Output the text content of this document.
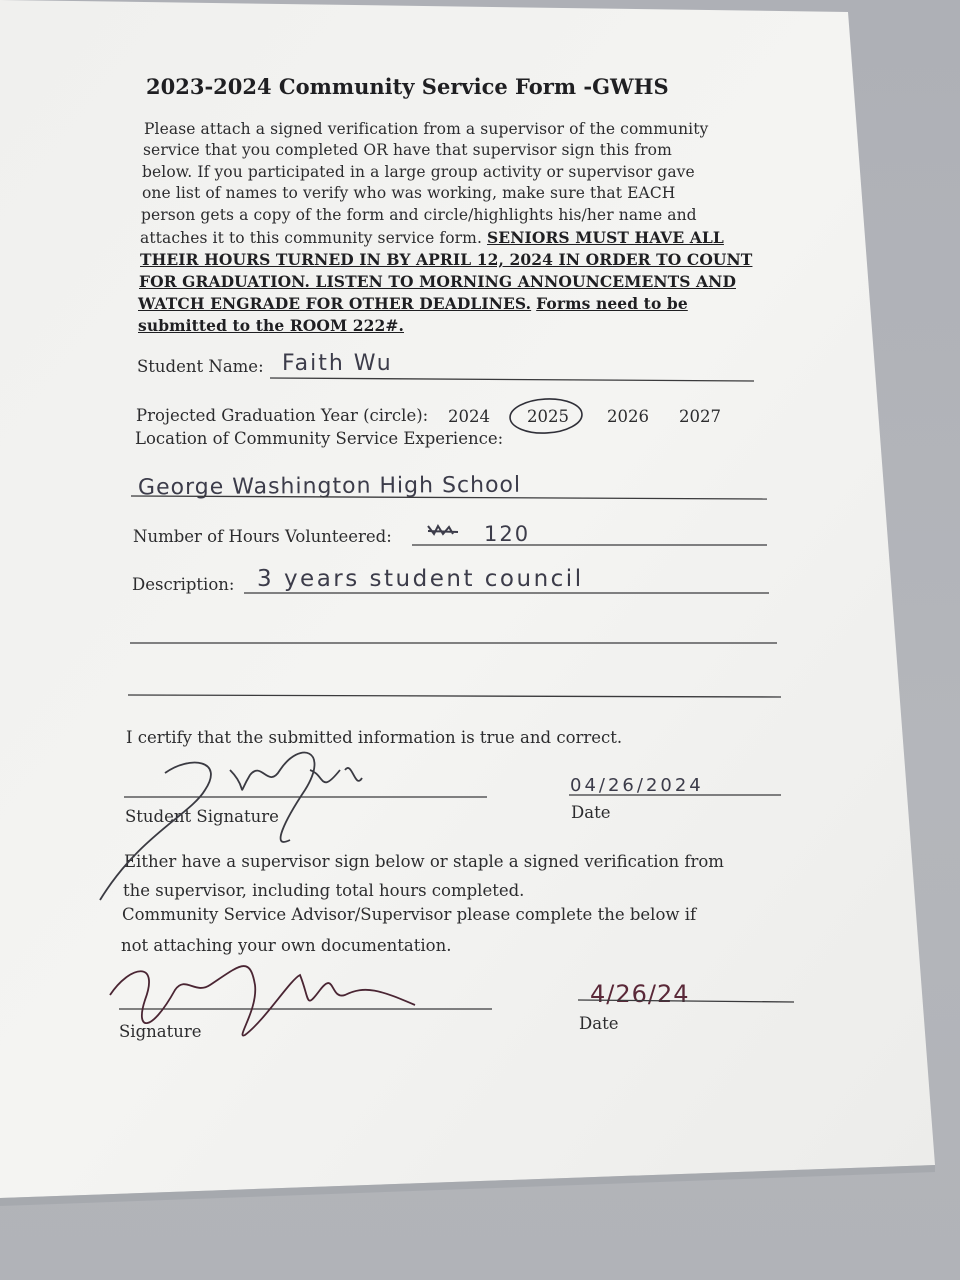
2023-2024 Community Service Form -GWHS
Please attach a signed verification from a supervisor of the community
service that you completed OR have that supervisor sign this from
below. If you participated in a large group activity or supervisor gave
one list of names to verify who was working, make sure that EACH
person gets a copy of the form and circle/highlights his/her name and
attaches it to this community service form. SENIORS MUST HAVE ALL
THEIR HOURS TURNED IN BY APRIL 12, 2024 IN ORDER TO COUNT
FOR GRADUATION. LISTEN TO MORNING ANNOUNCEMENTS AND
WATCH ENGRADE FOR OTHER DEADLINES. Forms need to be
submitted to the ROOM 222#.
Student Name: Faith Wu
Projected Graduation Year (circle): 2024 2025 2026 2027
Location of Community Service Experience:
George Washington High School
Number of Hours Volunteered:	120
Description: 3 years student council
I certify that the submitted information is true and correct.
Student Signature	Date
04/26/2024
Either have a supervisor sign below or staple a signed verification from
the supervisor, including total hours completed.
Community Service Advisor/Supervisor please complete the below if
not attaching your own documentation.
Signature	Date
4/26/24
